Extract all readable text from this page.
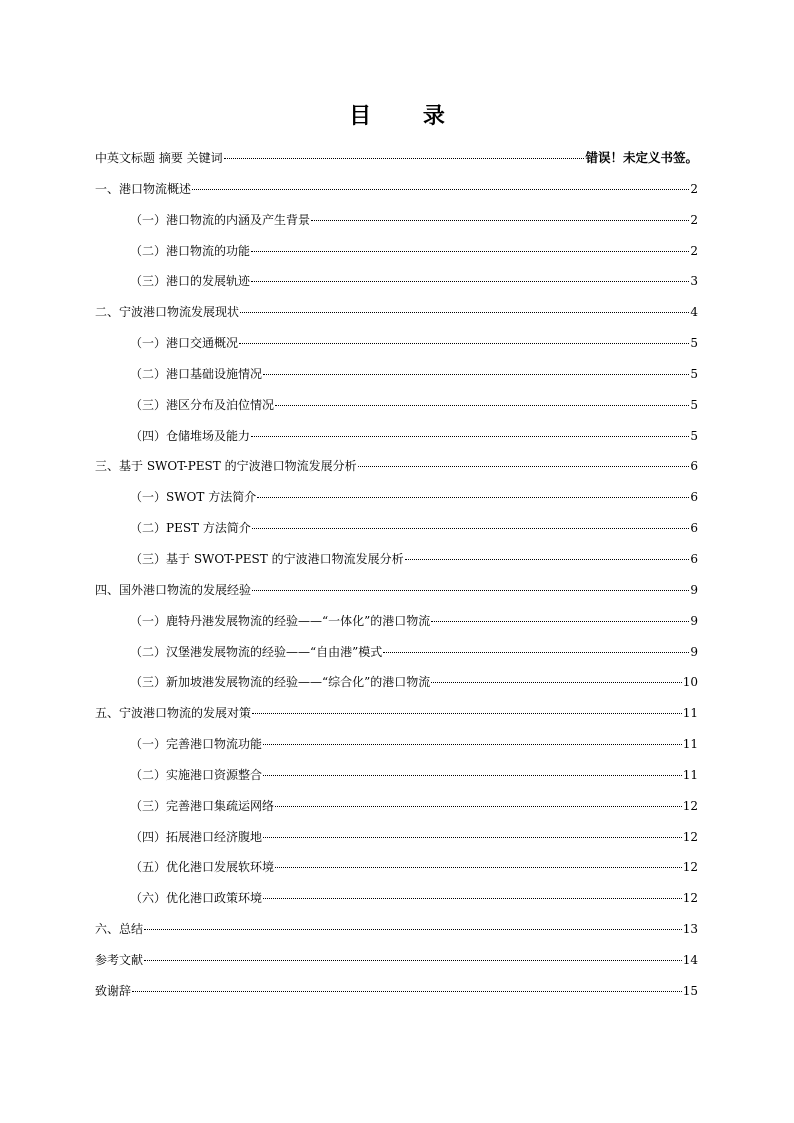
目 录
中英文标题 摘要 关键词	错误！未定义书签。
一、港口物流概述	2
（一）港口物流的内涵及产生背景	2
（二）港口物流的功能	2
（三）港口的发展轨迹	3
二、宁波港口物流发展现状	4
（一）港口交通概况	5
（二）港口基础设施情况	5
（三）港区分布及泊位情况	5
（四）仓储堆场及能力	5
三、基于 SWOT-PEST 的宁波港口物流发展分析	6
（一）SWOT 方法简介	6
（二）PEST 方法简介	6
（三）基于 SWOT-PEST 的宁波港口物流发展分析	6
四、国外港口物流的发展经验	9
（一）鹿特丹港发展物流的经验——“一体化”的港口物流	9
（二）汉堡港发展物流的经验——“自由港”模式	9
（三）新加坡港发展物流的经验——“综合化”的港口物流	10
五、宁波港口物流的发展对策	11
（一）完善港口物流功能	11
（二）实施港口资源整合	11
（三）完善港口集疏运网络	12
（四）拓展港口经济腹地	12
（五）优化港口发展软环境	12
（六）优化港口政策环境	12
六、总结	13
参考文献	14
致谢辞	15
